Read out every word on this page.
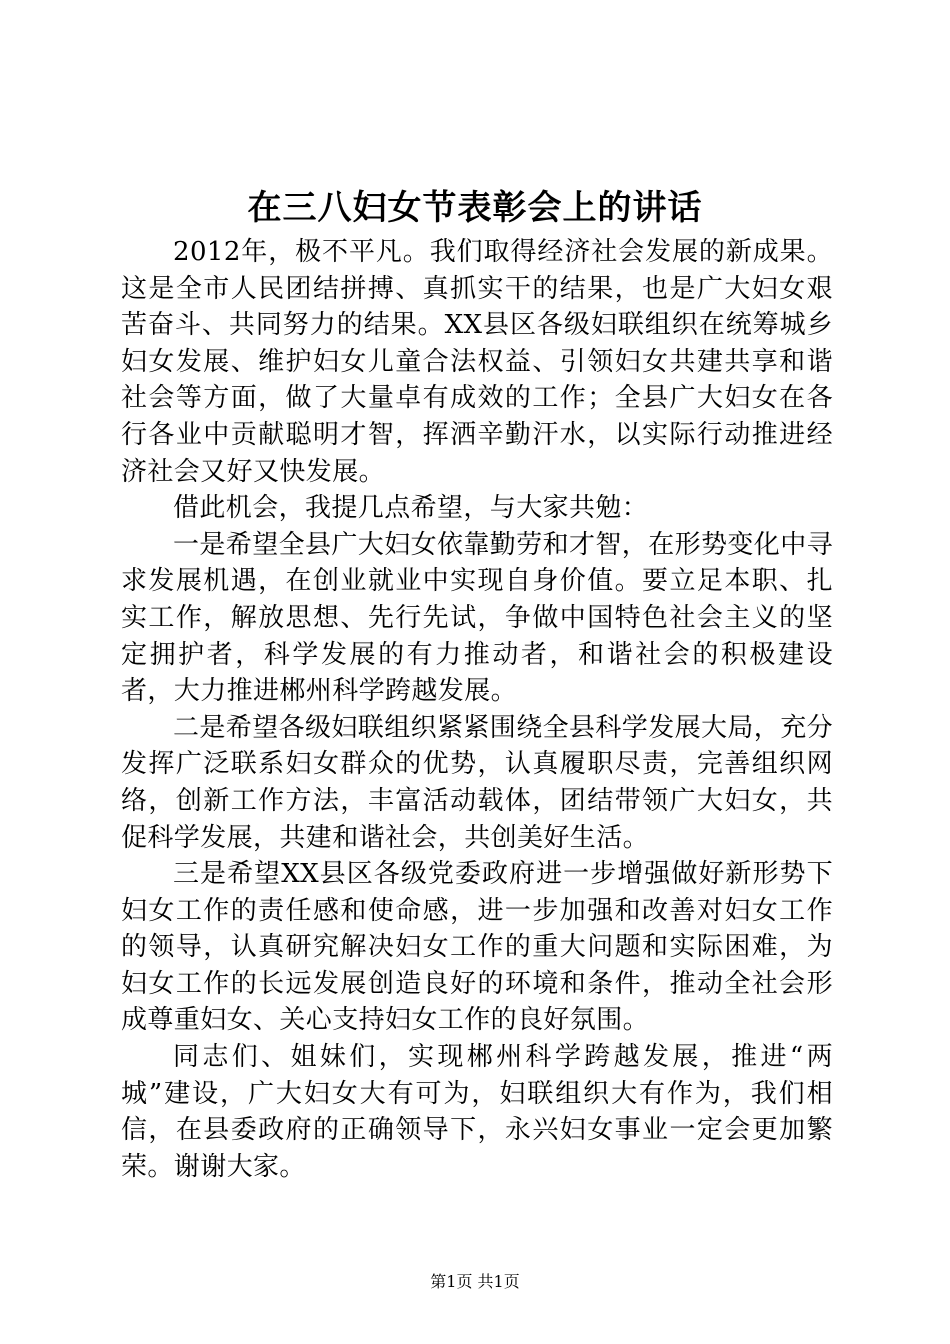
在三八妇女节表彰会上的讲话

2012年，极不平凡。我们取得经济社会发展的新成果。这是全市人民团结拼搏、真抓实干的结果，也是广大妇女艰苦奋斗、共同努力的结果。XX县区各级妇联组织在统筹城乡妇女发展、维护妇女儿童合法权益、引领妇女共建共享和谐社会等方面，做了大量卓有成效的工作；全县广大妇女在各行各业中贡献聪明才智，挥洒辛勤汗水，以实际行动推进经济社会又好又快发展。

借此机会，我提几点希望，与大家共勉：

一是希望全县广大妇女依靠勤劳和才智，在形势变化中寻求发展机遇，在创业就业中实现自身价值。要立足本职、扎实工作，解放思想、先行先试，争做中国特色社会主义的坚定拥护者，科学发展的有力推动者，和谐社会的积极建设者，大力推进郴州科学跨越发展。

二是希望各级妇联组织紧紧围绕全县科学发展大局，充分发挥广泛联系妇女群众的优势，认真履职尽责，完善组织网络，创新工作方法，丰富活动载体，团结带领广大妇女，共促科学发展，共建和谐社会，共创美好生活。

三是希望XX县区各级党委政府进一步增强做好新形势下妇女工作的责任感和使命感，进一步加强和改善对妇女工作的领导，认真研究解决妇女工作的重大问题和实际困难，为妇女工作的长远发展创造良好的环境和条件，推动全社会形成尊重妇女、关心支持妇女工作的良好氛围。

同志们、姐妹们，实现郴州科学跨越发展，推进“两城”建设，广大妇女大有可为，妇联组织大有作为，我们相信，在县委政府的正确领导下，永兴妇女事业一定会更加繁荣。谢谢大家。

第1页 共1页
